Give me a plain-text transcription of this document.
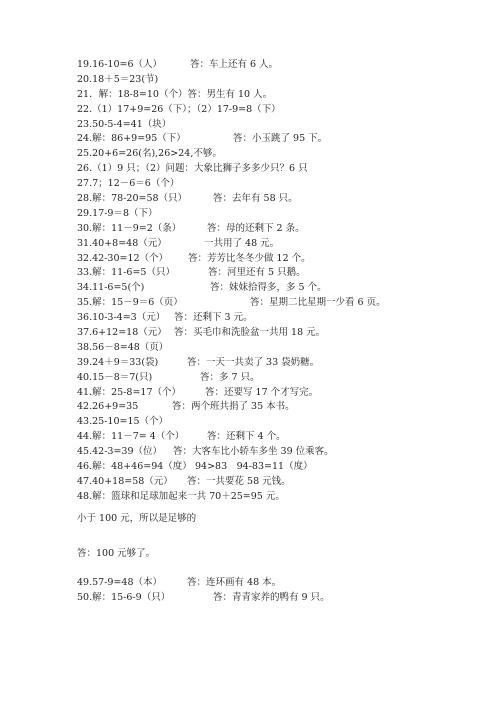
19.16-10=6（人）	答：车上还有 6 人。
20.18＋5＝23(节)
21．解：18-8=10（个）答：男生有 10 人。
22.（1）17+9=26（下）；（2）17-9=8（下）
23.50-5-4=41（块）
24.解：86+9=95（下）	答：小玉跳了 95 下。
25.20+6=26(名),26>24,不够。
26.（1）9 只；（2）问题：大象比狮子多多少只？6 只
27.7；12－6＝6（个）
28.解：78-20=58（只）	答：去年有 58 只。
29.17-9＝8（下）
30.解：11－9=2（条）	答：母的还剩下 2 条。
31.40+8=48（元）	一共用了 48 元。
32.42-30=12（个）	答：芳芳比冬冬少做 12 个。
33.解：11-6=5（只）	答：河里还有 5 只鹅。
34.11-6=5(个)	答：妹妹拾得多，多 5 个。
35.解：15－9＝6（页）	答：星期二比星期一少看 6 页。
36.10-3-4=3（元） 答：还剩下 3 元。
37.6+12=18（元） 答：买毛巾和洗脸盆一共用 18 元。
38.56－8=48（页）
39.24＋9＝33(袋)	答：一天一共卖了 33 袋奶糖。
40.15－8＝7(只)	答：多 7 只。
41.解：25-8=17（个）	答：还要写 17 个才写完。
42.26+9=35	答：两个班共捐了 35 本书。
43.25-10=15（个）
44.解：11－7= 4（个）	答：还剩下 4 个。
45.42-3=39（位）	答：大客车比小轿车多坐 39 位乘客。
46.解：48+46=94（度） 94>83　94-83=11（度）
47.40+18=58（元）	答：一共要花 58 元钱。
48.解：篮球和足球加起来一共 70＋25=95 元。
小于 100 元，所以是足够的
答：100 元够了。
49.57-9=48（本）	答：连环画有 48 本。
50.解：15-6-9（只）	答：青青家养的鸭有 9 只。
